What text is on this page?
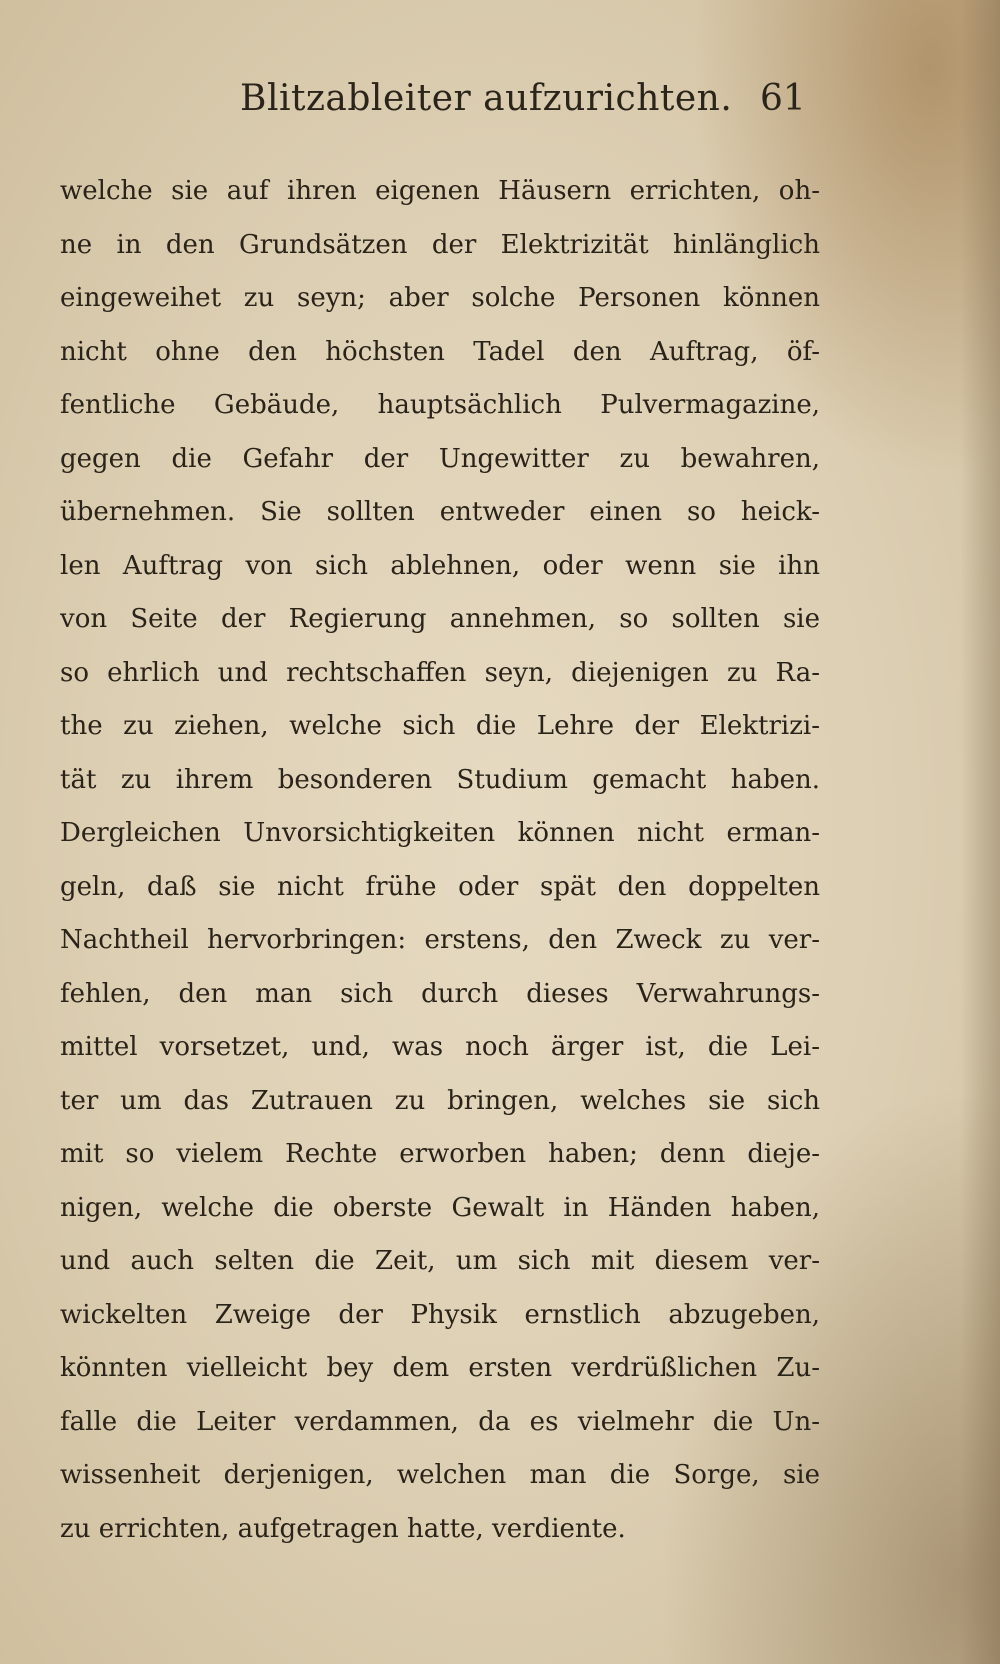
Blitzableiter aufzurichten. 61
welche sie auf ihren eigenen Häusern errichten, oh-
ne in den Grundsätzen der Elektrizität hinlänglich
eingeweihet zu seyn; aber solche Personen können
nicht ohne den höchsten Tadel den Auftrag, öf-
fentliche Gebäude, hauptsächlich Pulvermagazine,
gegen die Gefahr der Ungewitter zu bewahren,
übernehmen. Sie sollten entweder einen so heick-
len Auftrag von sich ablehnen, oder wenn sie ihn
von Seite der Regierung annehmen, so sollten sie
so ehrlich und rechtschaffen seyn, diejenigen zu Ra-
the zu ziehen, welche sich die Lehre der Elektrizi-
tät zu ihrem besonderen Studium gemacht haben.
Dergleichen Unvorsichtigkeiten können nicht erman-
geln, daß sie nicht frühe oder spät den doppelten
Nachtheil hervorbringen: erstens, den Zweck zu ver-
fehlen, den man sich durch dieses Verwahrungs-
mittel vorsetzet, und, was noch ärger ist, die Lei-
ter um das Zutrauen zu bringen, welches sie sich
mit so vielem Rechte erworben haben; denn dieje-
nigen, welche die oberste Gewalt in Händen haben,
und auch selten die Zeit, um sich mit diesem ver-
wickelten Zweige der Physik ernstlich abzugeben,
könnten vielleicht bey dem ersten verdrüßlichen Zu-
falle die Leiter verdammen, da es vielmehr die Un-
wissenheit derjenigen, welchen man die Sorge, sie
zu errichten, aufgetragen hatte, verdiente.
